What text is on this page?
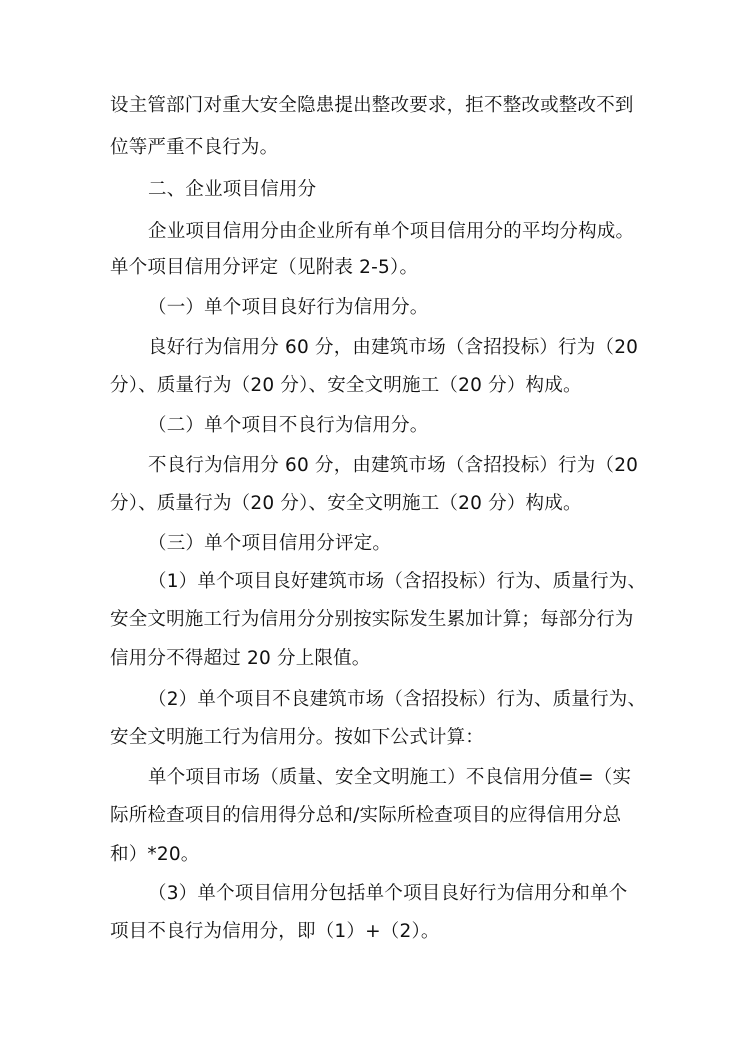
设主管部门对重大安全隐患提出整改要求，拒不整改或整改不到
位等严重不良行为。
二、企业项目信用分
企业项目信用分由企业所有单个项目信用分的平均分构成。
单个项目信用分评定（见附表 2-5）。
（一）单个项目良好行为信用分。
良好行为信用分 60 分，由建筑市场（含招投标）行为（20
分）、质量行为（20 分）、安全文明施工（20 分）构成。
（二）单个项目不良行为信用分。
不良行为信用分 60 分，由建筑市场（含招投标）行为（20
分）、质量行为（20 分）、安全文明施工（20 分）构成。
（三）单个项目信用分评定。
（1）单个项目良好建筑市场（含招投标）行为、质量行为、
安全文明施工行为信用分分别按实际发生累加计算；每部分行为
信用分不得超过 20 分上限值。
（2）单个项目不良建筑市场（含招投标）行为、质量行为、
安全文明施工行为信用分。按如下公式计算：
单个项目市场（质量、安全文明施工）不良信用分值=（实
际所检查项目的信用得分总和/实际所检查项目的应得信用分总
和）*20。
（3）单个项目信用分包括单个项目良好行为信用分和单个
项目不良行为信用分，即（1）+（2）。
